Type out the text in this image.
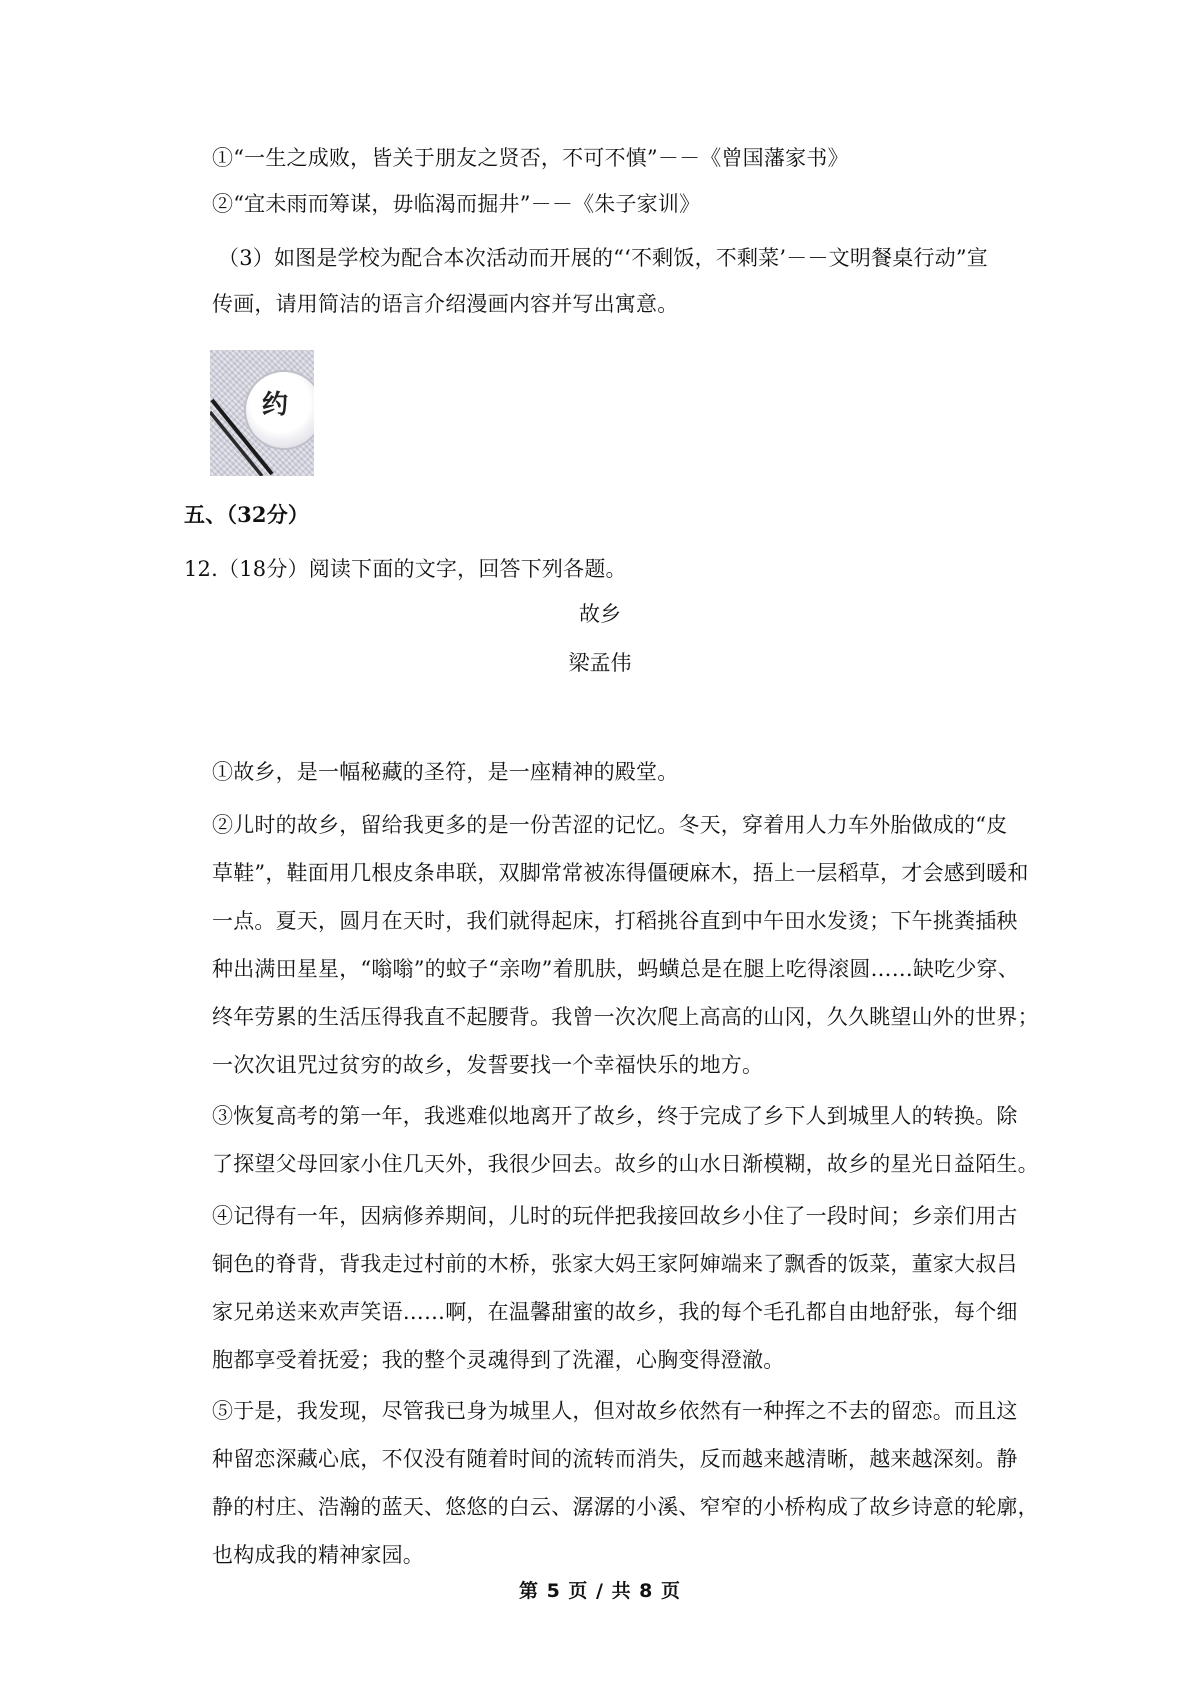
①“一生之成败，皆关于朋友之贤否，不可不慎”－－《曾国藩家书》
②“宜未雨而筹谋，毋临渴而掘井”－－《朱子家训》
（3）如图是学校为配合本次活动而开展的“‘不剩饭，不剩菜’－－文明餐桌行动”宣
传画，请用简洁的语言介绍漫画内容并写出寓意。
约
五、（32分）
12.（18分）阅读下面的文字，回答下列各题。
故乡
梁孟伟
①故乡，是一幅秘藏的圣符，是一座精神的殿堂。
②儿时的故乡，留给我更多的是一份苦涩的记忆。冬天，穿着用人力车外胎做成的“皮
草鞋”，鞋面用几根皮条串联，双脚常常被冻得僵硬麻木，捂上一层稻草，才会感到暖和
一点。夏天，圆月在天时，我们就得起床，打稻挑谷直到中午田水发烫；下午挑粪插秧
种出满田星星，“嗡嗡”的蚊子“亲吻”着肌肤，蚂蟥总是在腿上吃得滚圆……缺吃少穿、
终年劳累的生活压得我直不起腰背。我曾一次次爬上高高的山冈，久久眺望山外的世界；
一次次诅咒过贫穷的故乡，发誓要找一个幸福快乐的地方。
③恢复高考的第一年，我逃难似地离开了故乡，终于完成了乡下人到城里人的转换。除
了探望父母回家小住几天外，我很少回去。故乡的山水日渐模糊，故乡的星光日益陌生。
④记得有一年，因病修养期间，儿时的玩伴把我接回故乡小住了一段时间；乡亲们用古
铜色的脊背，背我走过村前的木桥，张家大妈王家阿婶端来了飘香的饭菜，董家大叔吕
家兄弟送来欢声笑语……啊，在温馨甜蜜的故乡，我的每个毛孔都自由地舒张，每个细
胞都享受着抚爱；我的整个灵魂得到了洗濯，心胸变得澄澈。
⑤于是，我发现，尽管我已身为城里人，但对故乡依然有一种挥之不去的留恋。而且这
种留恋深藏心底，不仅没有随着时间的流转而消失，反而越来越清晰，越来越深刻。静
静的村庄、浩瀚的蓝天、悠悠的白云、潺潺的小溪、窄窄的小桥构成了故乡诗意的轮廓，
也构成我的精神家园。
第 5 页 / 共 8 页
